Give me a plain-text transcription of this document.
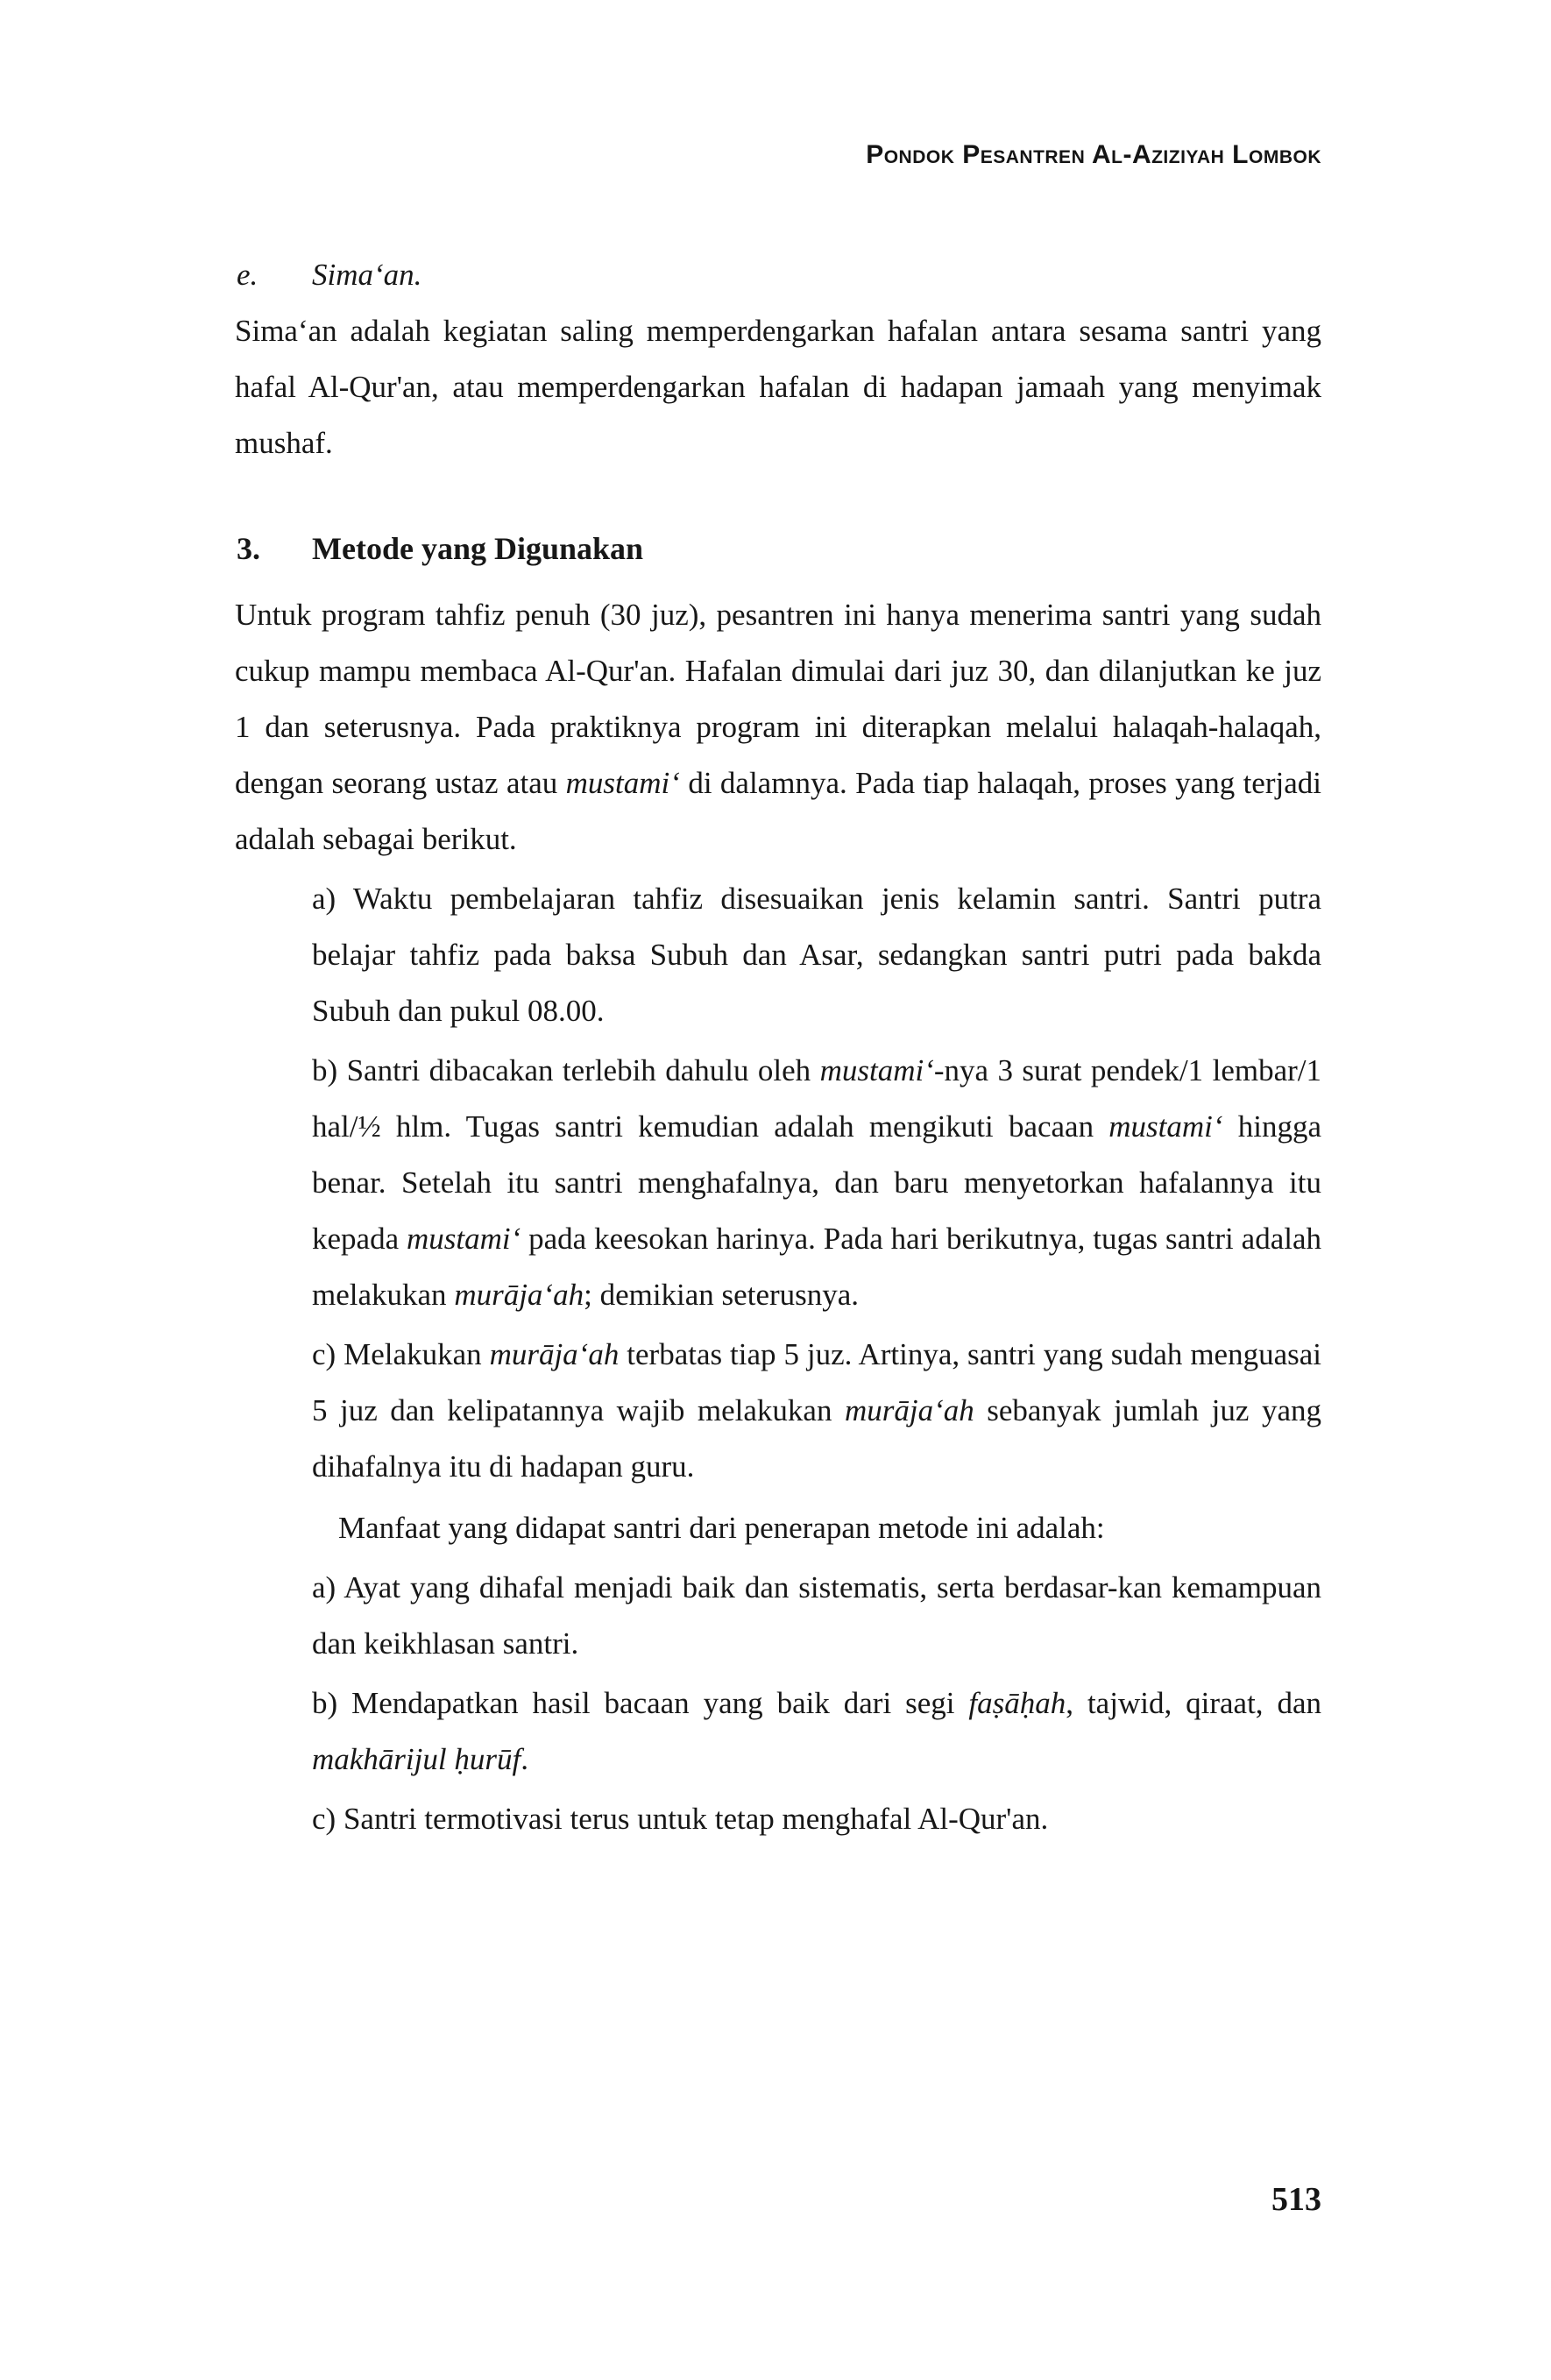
Pondok Pesantren Al-Aziziyah Lombok
e. Sima‘an.

Sima‘an adalah kegiatan saling memperdengarkan hafalan antara sesama santri yang hafal Al-Qur'an, atau memperdengarkan hafalan di hadapan jamaah yang menyimak mushaf.

3. Metode yang Digunakan

Untuk program tahfiz penuh (30 juz), pesantren ini hanya menerima santri yang sudah cukup mampu membaca Al-Qur'an. Hafalan dimulai dari juz 30, dan dilanjutkan ke juz 1 dan seterusnya. Pada praktiknya program ini diterapkan melalui halaqah-halaqah, dengan seorang ustaz atau mustami‘ di dalamnya. Pada tiap halaqah, proses yang terjadi adalah sebagai berikut.

a) Waktu pembelajaran tahfiz disesuaikan jenis kelamin santri. Santri putra belajar tahfiz pada baksa Subuh dan Asar, sedangkan santri putri pada bakda Subuh dan pukul 08.00.
b) Santri dibacakan terlebih dahulu oleh mustami‘-nya 3 surat pendek/1 lembar/1 hal/½ hlm. Tugas santri kemudian adalah mengikuti bacaan mustami‘ hingga benar. Setelah itu santri menghafalnya, dan baru menyetorkan hafalannya itu kepada mustami‘ pada keesokan harinya. Pada hari berikutnya, tugas santri adalah melakukan murāja‘ah; demikian seterusnya.
c) Melakukan murāja‘ah terbatas tiap 5 juz. Artinya, santri yang sudah menguasai 5 juz dan kelipatannya wajib melakukan murāja‘ah sebanyak jumlah juz yang dihafalnya itu di hadapan guru.

Manfaat yang didapat santri dari penerapan metode ini adalah:

a) Ayat yang dihafal menjadi baik dan sistematis, serta berdasar-kan kemampuan dan keikhlasan santri.
b) Mendapatkan hasil bacaan yang baik dari segi faṣāḥah, tajwid, qiraat, dan makhārijul ḥurūf.
c) Santri termotivasi terus untuk tetap menghafal Al-Qur'an.
513
